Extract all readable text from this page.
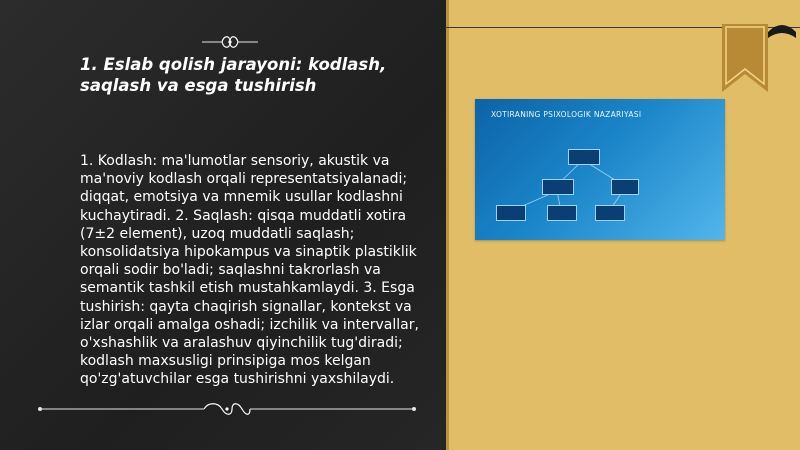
1. Eslab qolish jarayoni: kodlash, saqlash va esga tushirish
1. Kodlash: ma'lumotlar sensoriy, akustik va ma'noviy kodlash orqali representatsiyalanadi; diqqat, emotsiya va mnemik usullar kodlashni kuchaytiradi. 2. Saqlash: qisqa muddatli xotira (7±2 element), uzoq muddatli saqlash; konsolidatsiya hipokampus va sinaptik plastiklik orqali sodir bo'ladi; saqlashni takrorlash va semantik tashkil etish mustahkamlaydi. 3. Esga tushirish: qayta chaqirish signallar, kontekst va izlar orqali amalga oshadi; izchilik va intervallar, o'xshashlik va aralashuv qiyinchilik tug'diradi; kodlash maxsusligi prinsipiga mos kelgan qo'zg'atuvchilar esga tushirishni yaxshilaydi.
XOTIRANING PSIXOLOGIK NAZARIYASI
